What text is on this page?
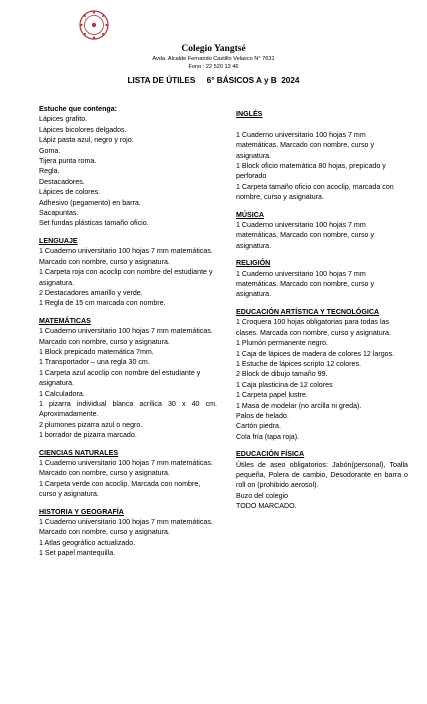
Colegio Yangtsé
Avda. Alcalde Fernando Castillo Velasco N° 7631
Fono : 22 520 13 46
LISTA DE ÚTILES     6° BÁSICOS A y B  2024
Estuche que contenga:
Lápices grafito.
Lápices bicolores delgados.
Lápiz pasta azul, negro y rojo.
Goma.
Tijera punta roma.
Regla.
Destacadores.
Lápices de colores.
Adhesivo (pegamento) en barra.
Sacapuntas.
Set fundas plásticas tamaño oficio.
LENGUAJE
1 Cuaderno universitario 100 hojas 7 mm matemáticas. Marcado con nombre, curso y asignatura.
1 Carpeta roja con acoclip con nombre del estudiante y asignatura.
2 Destacadores amarillo y verde.
1 Regla de 15 cm marcada con nombre.
MATEMÁTICAS
1 Cuaderno universitario 100 hojas 7 mm matemáticas. Marcado con nombre, curso y asignatura.
1 Block prepicado matemática 7mm.
1 Transportador – una regla 30 cm.
1 Carpeta azul acoclip con nombre del estudiante y asignatura.
1 Calculadora.
1 pizarra individual blanca acrílica 30 x 40 cm. Aproximadamente.
2 plumones pizarra azul o negro.
1 borrador de pizarra marcado.
CIENCIAS NATURALES
1 Cuaderno universitario 100 hojas 7 mm matemáticas. Marcado con nombre, curso y asignatura.
1 Carpeta verde con acoclip. Marcada con nombre, curso y asignatura.
HISTORIA Y GEOGRAFÍA
1 Cuaderno universitario 100 hojas 7 mm matemáticas. Marcado con nombre, curso y asignatura.
1 Atlas geográfico actualizado.
1 Set papel mantequilla.
INGLÉS
1 Cuaderno universitario 100 hojas 7 mm matemáticas. Marcado con nombre, curso y asignatura.
1 Block oficio matemática 80 hojas, prepicado y perforado
1 Carpeta tamaño oficio con acoclip, marcada con nombre, curso y asignatura.
MÚSICA
1 Cuaderno universitario 100 hojas 7 mm matemáticas. Marcado con nombre, curso y asignatura.
RELIGIÓN
1 Cuaderno universitario 100 hojas 7 mm matemáticas. Marcado con nombre, curso y asignatura.
EDUCACIÓN ARTÍSTICA Y TECNOLÓGICA
1 Croquera 100 hojas obligatorias para todas las clases. Marcada con nombre, curso y asignatura.
1 Plumón permanente negro.
1 Caja de lápices de madera de colores 12 largos.
1 Estuche de lápices scripto 12 colores.
2 Block de dibujo tamaño 99.
1 Caja plasticina de 12 colores
1 Carpeta papel lustre.
1 Masa de modelar (no arcilla ni greda).
Palos de helado.
Cartón piedra.
Cola fría (tapa roja).
EDUCACIÓN FÍSICA
Útiles de aseo obligatorios: Jabón(personal), Toalla pequeña, Polera de cambio, Desodorante en barra o roll on (prohibido aerosol).
Buzo del colegio
TODO MARCADO.
